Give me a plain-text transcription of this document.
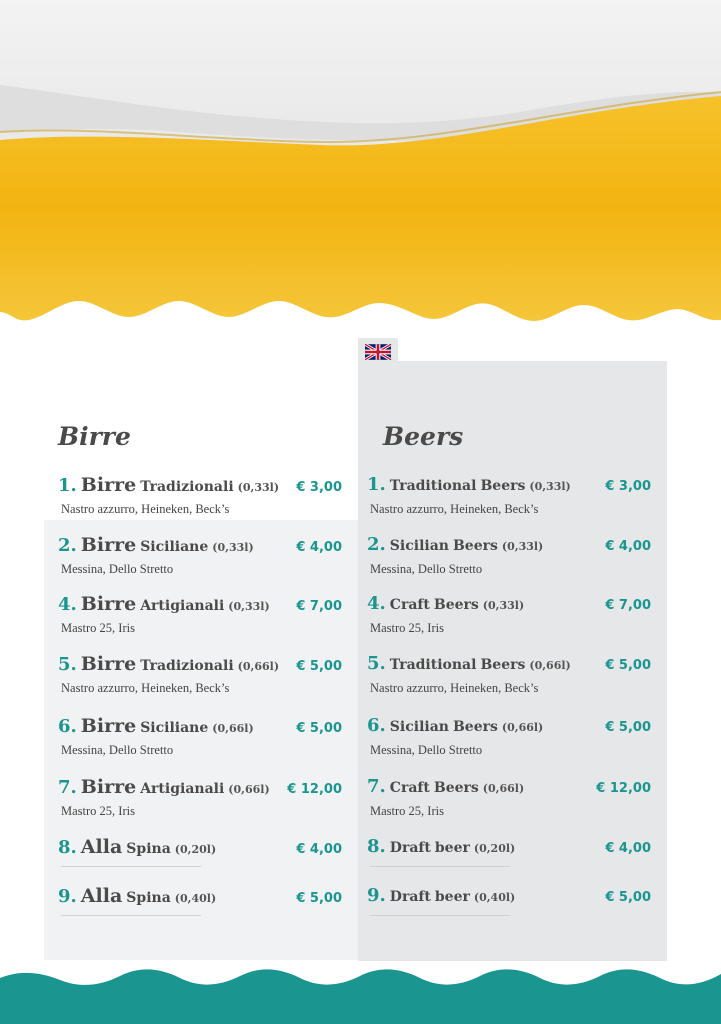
Birre
1. Birre Tradizionali (0,33l) € 3,00
Nastro azzurro, Heineken, Beck’s
2. Birre Siciliane (0,33l)	€ 4,00
Messina, Dello Stretto
4. Birre Artigianali (0,33l) € 7,00
Mastro 25, Iris
5. Birre Tradizionali (0,66l) € 5,00
Nastro azzurro, Heineken, Beck’s
6. Birre Siciliane (0,66l)	€ 5,00
Messina, Dello Stretto
7. Birre Artigianali (0,66l) € 12,00
Mastro 25, Iris
8. Alla Spina (0,20l)	€ 4,00
9. Alla Spina (0,40l)	€ 5,00
Beers
1. Traditional Beers (0,33l)	€ 3,00
Nastro azzurro, Heineken, Beck’s
2. Sicilian Beers (0,33l)	€ 4,00
Messina, Dello Stretto
4. Craft Beers (0,33l)	€ 7,00
Mastro 25, Iris
5. Traditional Beers (0,66l)	€ 5,00
Nastro azzurro, Heineken, Beck’s
6. Sicilian Beers (0,66l)	€ 5,00
Messina, Dello Stretto
7. Craft Beers (0,66l)	€ 12,00
Mastro 25, Iris
8. Draft beer (0,20l)	€ 4,00
9. Draft beer (0,40l)	€ 5,00
